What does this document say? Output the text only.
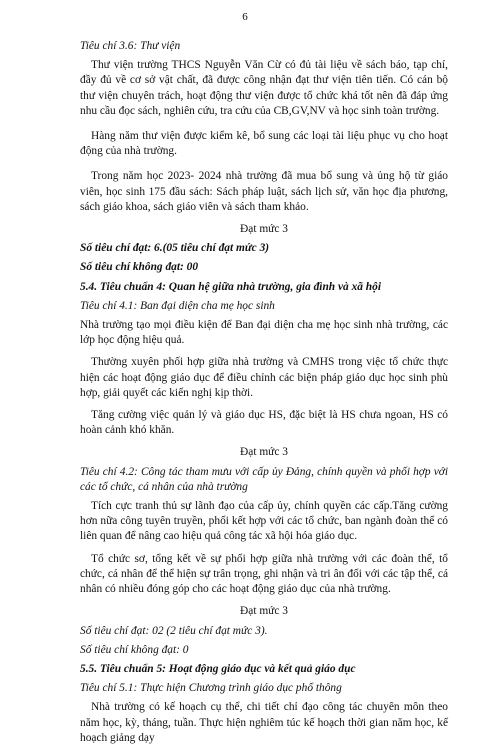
6

Tiêu chí 3.6: Thư viện

Thư viện trường THCS Nguyễn Văn Cừ có đủ tài liệu về sách báo, tạp chí, đầy đủ về cơ sở vật chất, đã được công nhận đạt thư viện tiên tiến. Có cán bộ thư viện chuyên trách, hoạt động thư viện được tổ chức khá tốt nên đã đáp ứng nhu cầu đọc sách, nghiên cứu, tra cứu của CB,GV,NV và học sinh toàn trường.

Hàng năm thư viện được kiểm kê, bổ sung các loại tài liệu phục vụ cho hoạt động của nhà trường.

Trong năm học 2023- 2024 nhà trường đã mua bổ sung và ủng hộ từ giáo viên, học sinh 175 đầu sách: Sách pháp luật, sách lịch sử, văn học địa phương, sách giáo khoa, sách giáo viên và sách tham khảo.

Đạt mức 3

Số tiêu chí đạt: 6.(05 tiêu chí đạt mức 3)

Số tiêu chí không đạt: 00

5.4. Tiêu chuẩn 4: Quan hệ giữa nhà trường, gia đình và xã hội

Tiêu chí 4.1: Ban đại diện cha mẹ học sinh

Nhà trường tạo mọi điều kiện để Ban đại diện cha mẹ học sinh nhà trường, các lớp học động hiệu quả.

Thường xuyên phối hợp giữa nhà trường và CMHS trong việc tổ chức thực hiện các hoạt động giáo dục để điều chỉnh các biện pháp giáo dục học sinh phù hợp, giải quyết các kiến nghị kịp thời.

Tăng cường việc quản lý và giáo dục HS, đặc biệt là HS chưa ngoan, HS có hoàn cảnh khó khăn.

Đạt mức 3

Tiêu chí 4.2: Công tác tham mưu với cấp ủy Đảng, chính quyền và phối hợp với các tổ chức, cá nhân của nhà trường

Tích cực tranh thủ sự lãnh đạo của cấp ủy, chính quyền các cấp.Tăng cường hơn nữa công tuyên truyền, phối kết hợp với các tổ chức, ban ngành đoàn thể có liên quan để nâng cao hiệu quả công tác xã hội hóa giáo dục.

Tổ chức sơ, tổng kết về sự phối hợp giữa nhà trường với các đoàn thể, tổ chức, cá nhân để thể hiện sự trân trọng, ghi nhận và tri ân đối với các tập thể, cá nhân có nhiều đóng góp cho các hoạt động giáo dục của nhà trường.

Đạt mức 3

Số tiêu chí đạt: 02 (2 tiêu chí đạt mức 3).

Số tiêu chí không đạt: 0

5.5. Tiêu chuẩn 5: Hoạt động giáo dục và kết quả giáo dục

Tiêu chí 5.1: Thực hiện Chương trình giáo dục phổ thông

Nhà trường có kế hoạch cụ thể, chi tiết chỉ đạo công tác chuyên môn theo năm học, kỳ, tháng, tuần. Thực hiện nghiêm túc kế hoạch thời gian năm học, kế hoạch giảng dạy
